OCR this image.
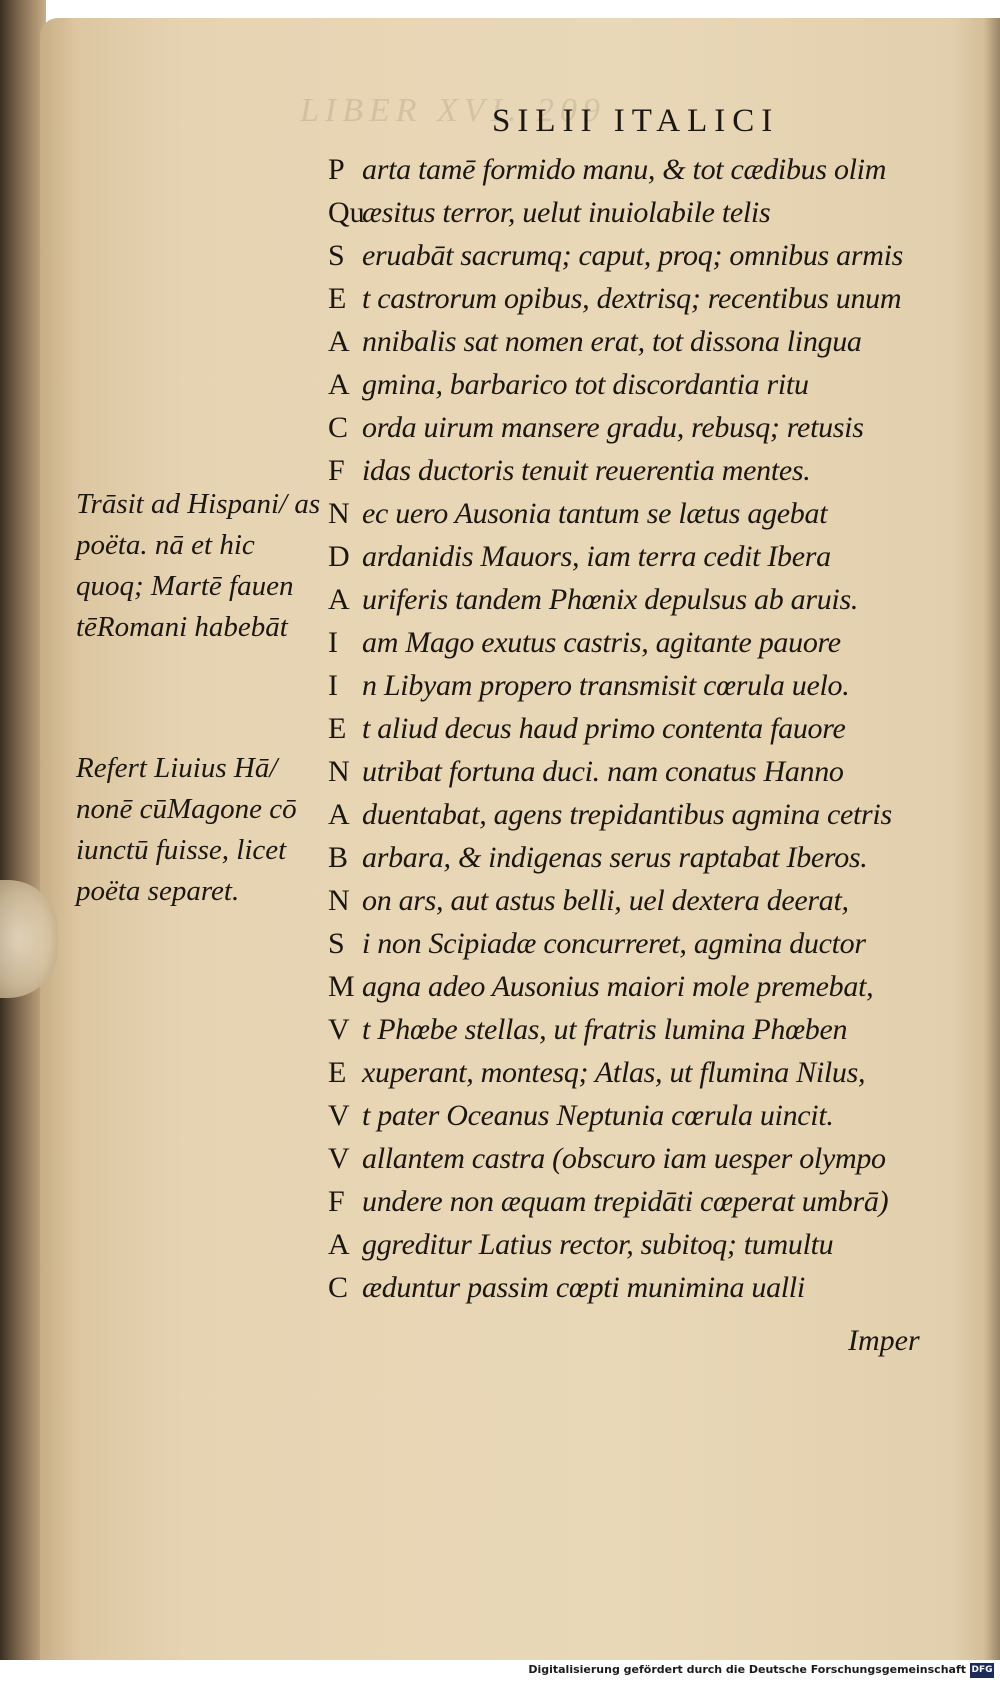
LIBER XVI. 209
SILII ITALICI
P arta tamē formido manu, & tot cædibus olim
Quæsitus terror, uelut inuiolabile telis
S eruabāt sacrumq; caput, proq; omnibus armis
E t castrorum opibus, dextrisq; recentibus unum
A nnibalis sat nomen erat, tot dissona lingua
A gmina, barbarico tot discordantia ritu
C orda uirum mansere gradu, rebusq; retusis
F idas ductoris tenuit reuerentia mentes.
N ec uero Ausonia tantum se lætus agebat
D ardanidis Mauors, iam terra cedit Ibera
A uriferis tandem Phœnix depulsus ab aruis.
I am Mago exutus castris, agitante pauore
I n Libyam propero transmisit cœrula uelo.
E t aliud decus haud primo contenta fauore
N utribat fortuna duci. nam conatus Hanno
A duentabat, agens trepidantibus agmina cetris
B arbara, & indigenas serus raptabat Iberos.
N on ars, aut astus belli, uel dextera deerat,
S i non Scipiadæ concurreret, agmina ductor
M agna adeo Ausonius maiori mole premebat,
V t Phœbe stellas, ut fratris lumina Phœben
E xuperant, montesq; Atlas, ut flumina Nilus,
V t pater Oceanus Neptunia cœrula uincit.
V allantem castra (obscuro iam uesper olympo
F undere non æquam trepidāti cœperat umbrā)
A ggreditur Latius rector, subitoq; tumultu
C æduntur passim cœpti munimina ualli
Imper

Trāsit ad Hispani/ as poëta. nā et hic quoq; Martē fauen tēRomani habebāt

Refert Liuius Hā/ nonē cūMagone cō iunctū fuisse, licet poëta separet.

Digitalisierung gefördert durch die Deutsche Forschungsgemeinschaft DFG
